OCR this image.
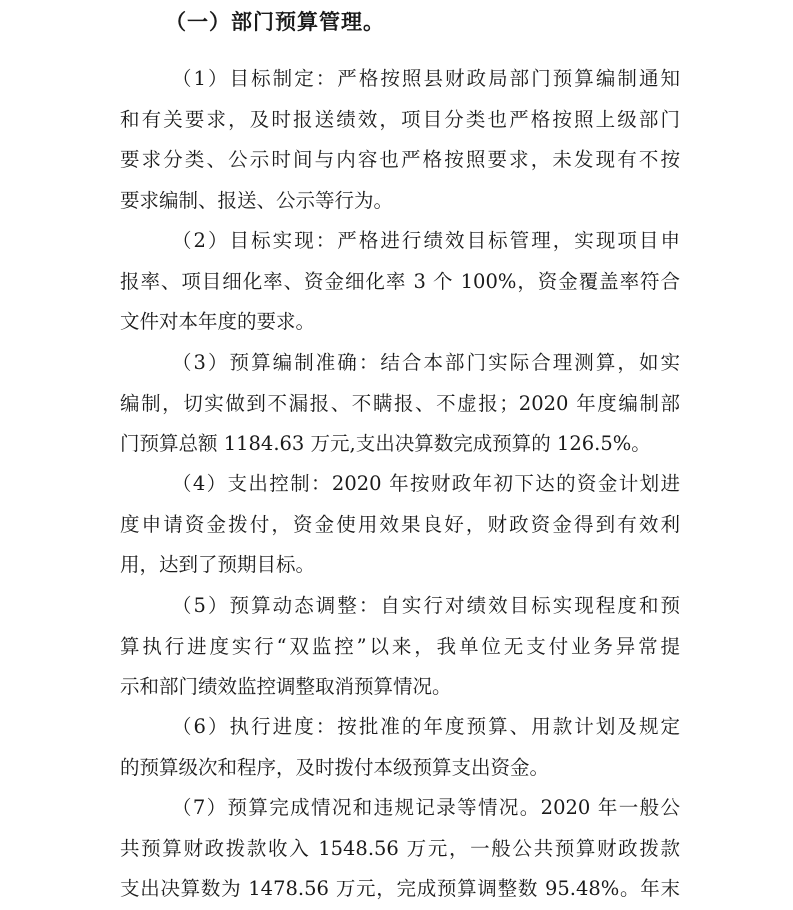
（一）部门预算管理。
（1）目标制定：严格按照县财政局部门预算编制通知
和有关要求，及时报送绩效，项目分类也严格按照上级部门
要求分类、公示时间与内容也严格按照要求，未发现有不按
要求编制、报送、公示等行为。
（2）目标实现：严格进行绩效目标管理，实现项目申
报率、项目细化率、资金细化率 3 个 100%，资金覆盖率符合
文件对本年度的要求。
（3）预算编制准确：结合本部门实际合理测算，如实
编制，切实做到不漏报、不瞒报、不虚报；2020 年度编制部
门预算总额 1184.63 万元,支出决算数完成预算的 126.5%。
（4）支出控制：2020 年按财政年初下达的资金计划进
度申请资金拨付，资金使用效果良好，财政资金得到有效利
用，达到了预期目标。
（5）预算动态调整：自实行对绩效目标实现程度和预
算执行进度实行“双监控”以来，我单位无支付业务异常提
示和部门绩效监控调整取消预算情况。
（6）执行进度：按批准的年度预算、用款计划及规定
的预算级次和程序，及时拨付本级预算支出资金。
（7）预算完成情况和违规记录等情况。2020 年一般公
共预算财政拨款收入 1548.56 万元，一般公共预算财政拨款
支出决算数为 1478.56 万元，完成预算调整数 95.48%。年末
